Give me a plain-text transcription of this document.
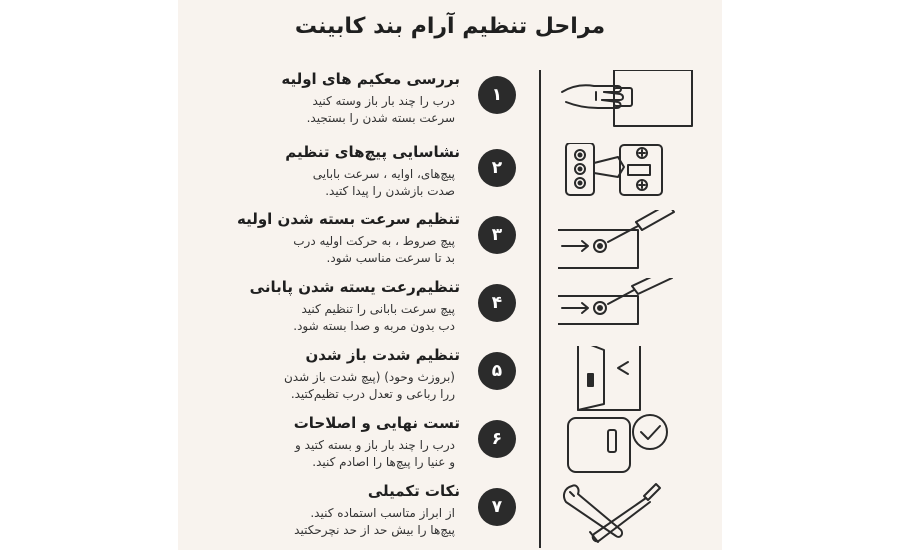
مراحل تنظیم آرام بند کابینت
بررسی معکیم های اولیه
درب را چند بار باز وسته کنید
سرعت بسته شدن را بستجید.
۱
نشاسایی پیچ‌های تنظیم
پیچ‌های، اوایه ، سرعت بابایی
صدت بازشدن را پیدا کتید.
۲
تنظیم سرعت بسته شدن اولیه
پیچ صروط ، به حرکت اولیه درب
بد تا سرعت مناسب شود.
۳
تنظیم‌رعت یسته شدن پابانی
پیچ سرعت بابانی را تنظیم کنید
دب بدون مربه و صدا بسته شود.
۴
تنظیم شدت باز شدن
(بروزث وحود) (پیچ شدت باز شدن
ررا رباعی و تعدل درب تظیم‌کتید.
۵
تست نهایی و اصلاحات
درب را چند بار باز و بسته کتید و
و عنیا را پیچ‌ها را اصادم کنید.
۶
نکات تکمیلی
از ابراز متاسب استماده کنید.
پیچ‌ها را بیش حد از حد نچرحکتید
۷
